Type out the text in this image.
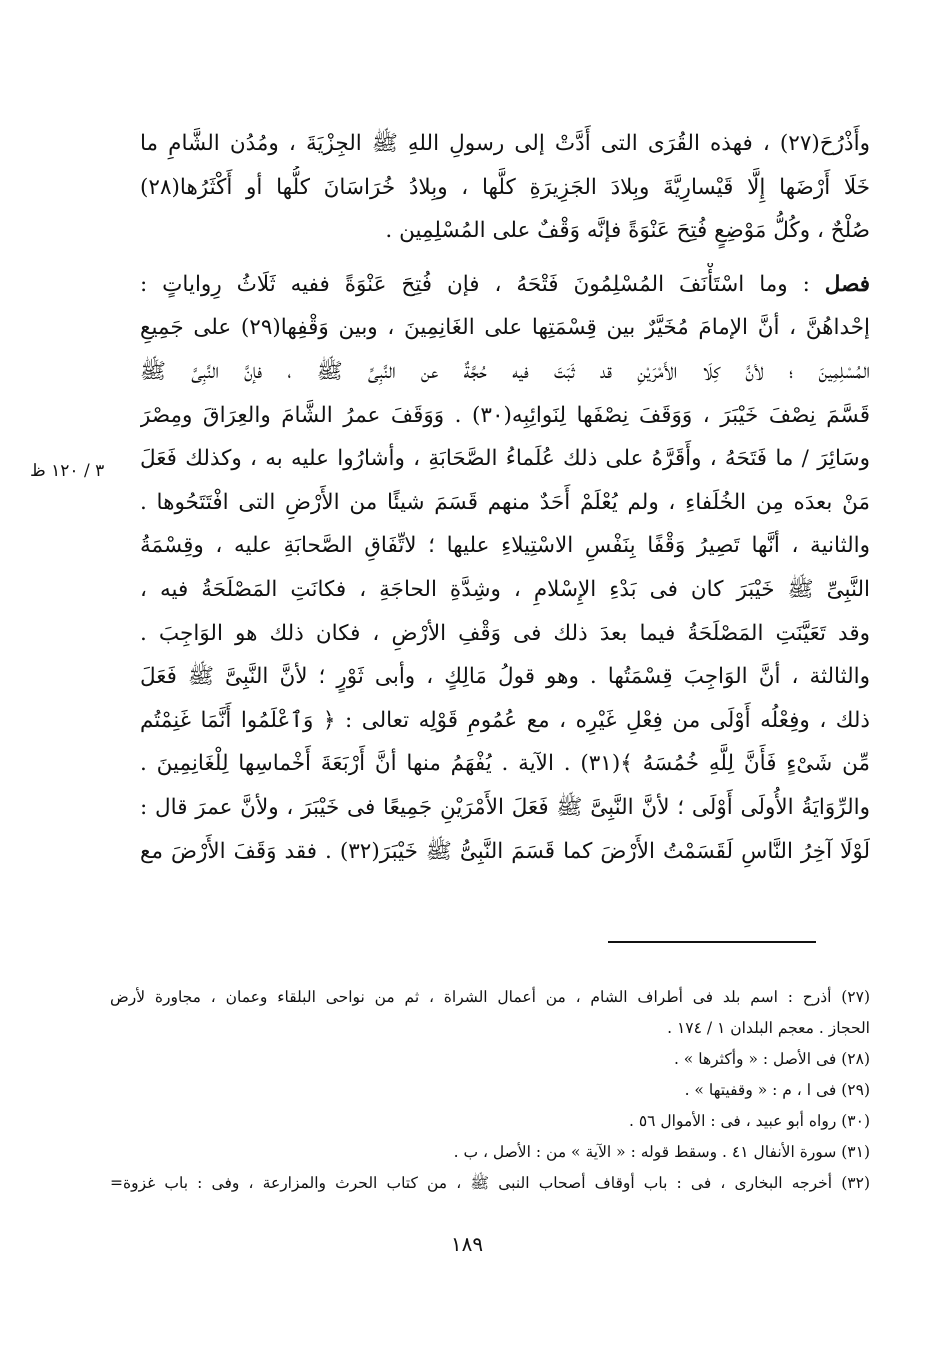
وأَذْرُحَ(٢٧) ، فهذه القُرَى التى أَدَّتْ إلى رسولِ اللهِ ﷺ الجِزْيَةَ ، ومُدُن الشَّامِ ما
خَلَا أَرْضَها إِلَّا قَيْسارِيَّةَ وبِلادَ الجَزِيرَةِ كلَّها ، وبِلادُ خُرَاسَانَ كلُّها أو أَكْثَرُها(٢٨)
صُلْحٌ ، وكُلُّ مَوْضِعٍ فُتِحَ عَنْوَةً فإنَّه وَقْفٌ على المُسْلِمِين .
فصل : وما اسْتَأْنَفَ المُسْلِمُونَ فَتْحَهُ ، فإن فُتِحَ عَنْوَةً ففيه ثَلَاثُ رِواياتٍ :
إحْداهُنَّ ، أنَّ الإمامَ مُخَيَّرٌ بين قِسْمَتِها على الغَانِمِينَ ، وبين وَقْفِها(٢٩) على جَمِيعِ
المُسْلِمِينَ ؛ لأنَّ كِلَا الأَمْرَيْنِ قد ثَبَتَ فيه حُجَّةٌ عن النَّبِىِّ ﷺ ، فإنَّ النَّبِىَّ ﷺ
قَسَّمَ نِصْفَ خَيْبَرَ ، وَوَقَفَ نِصْفَها لِنَوائِبِه(٣٠) . وَوَقَفَ عمرُ الشَّامَ والعِرَاقَ ومِصْرَ
وسَائِرَ / ما فَتَحَهُ ، وأَقَرَّهُ على ذلك عُلَماءُ الصَّحَابَةِ ، وأشارُوا عليه به ، وكذلك فَعَلَ
مَنْ بعدَه مِن الخُلَفاءِ ، ولم يُعْلَمْ أَحَدٌ منهم قَسَمَ شيئًا من الأَرْضِ التى افْتَتَحُوها .
والثانية ، أنَّها تَصِيرُ وَقْفًا بِنَفْسِ الاسْتِيلاءِ عليها ؛ لاتِّفَاقِ الصَّحابَةِ عليه ، وقِسْمَةُ
النَّبِىِّ ﷺ خَيْبَرَ كان فى بَدْءِ الإِسْلامِ ، وشِدَّةِ الحاجَةِ ، فكانَتِ المَصْلَحَةُ فيه ،
وقد تَعَيَّنَتِ المَصْلَحَةُ فيما بعدَ ذلك فى وَقْفِ الأرْضِ ، فكان ذلك هو الوَاجِبَ .
والثالثة ، أنَّ الوَاجِبَ قِسْمَتُها . وهو قولُ مَالِكٍ ، وأبى ثَوْرٍ ؛ لأنَّ النَّبِىَّ ﷺ فَعَلَ
ذلك ، وفِعْلُه أَوْلَى من فِعْلِ غَيْرِه ، مع عُمُومِ قَوْلِه تعالى : ﴿ وَٱعْلَمُوا أَنَّمَا غَنِمْتُم
مِّن شَىْءٍ فَأَنَّ لِلَّهِ خُمُسَهُ ﴾(٣١) . الآية . يُفْهَمُ منها أنَّ أَرْبَعَةَ أَخْماسِها لِلْغَانِمِينَ .
والرِّوَايَةُ الأُولَى أَوْلَى ؛ لأنَّ النَّبِىَّ ﷺ فَعَلَ الأَمْرَيْنِ جَمِيعًا فى خَيْبَرَ ، ولأنَّ عمرَ قال :
لَوْلَا آخِرُ النَّاسِ لَقَسَمْتُ الأَرْضَ كما قَسَمَ النَّبِىُّ ﷺ خَيْبَرَ(٣٢) . فقد وَقَفَ الأَرْضَ مع
٣ / ١٢٠ ظ
(٢٧) أذرح : اسم بلد فى أطراف الشام ، من أعمال الشراة ، ثم من نواحى البلقاء وعمان ، مجاورة لأرض
الحجاز . معجم البلدان ١ / ١٧٤ .
(٢٨) فى الأصل : « وأكثرها » .
(٢٩) فى ا ، م : « وقفيتها » .
(٣٠) رواه أبو عبيد ، فى : الأموال ٥٦ .
(٣١) سورة الأنفال ٤١ . وسقط قوله : « الآية » من : الأصل ، ب .
(٣٢) أخرجه البخارى ، فى : باب أوقاف أصحاب النبى ﷺ ، من كتاب الحرث والمزارعة ، وفى : باب غزوة=
١٨٩
